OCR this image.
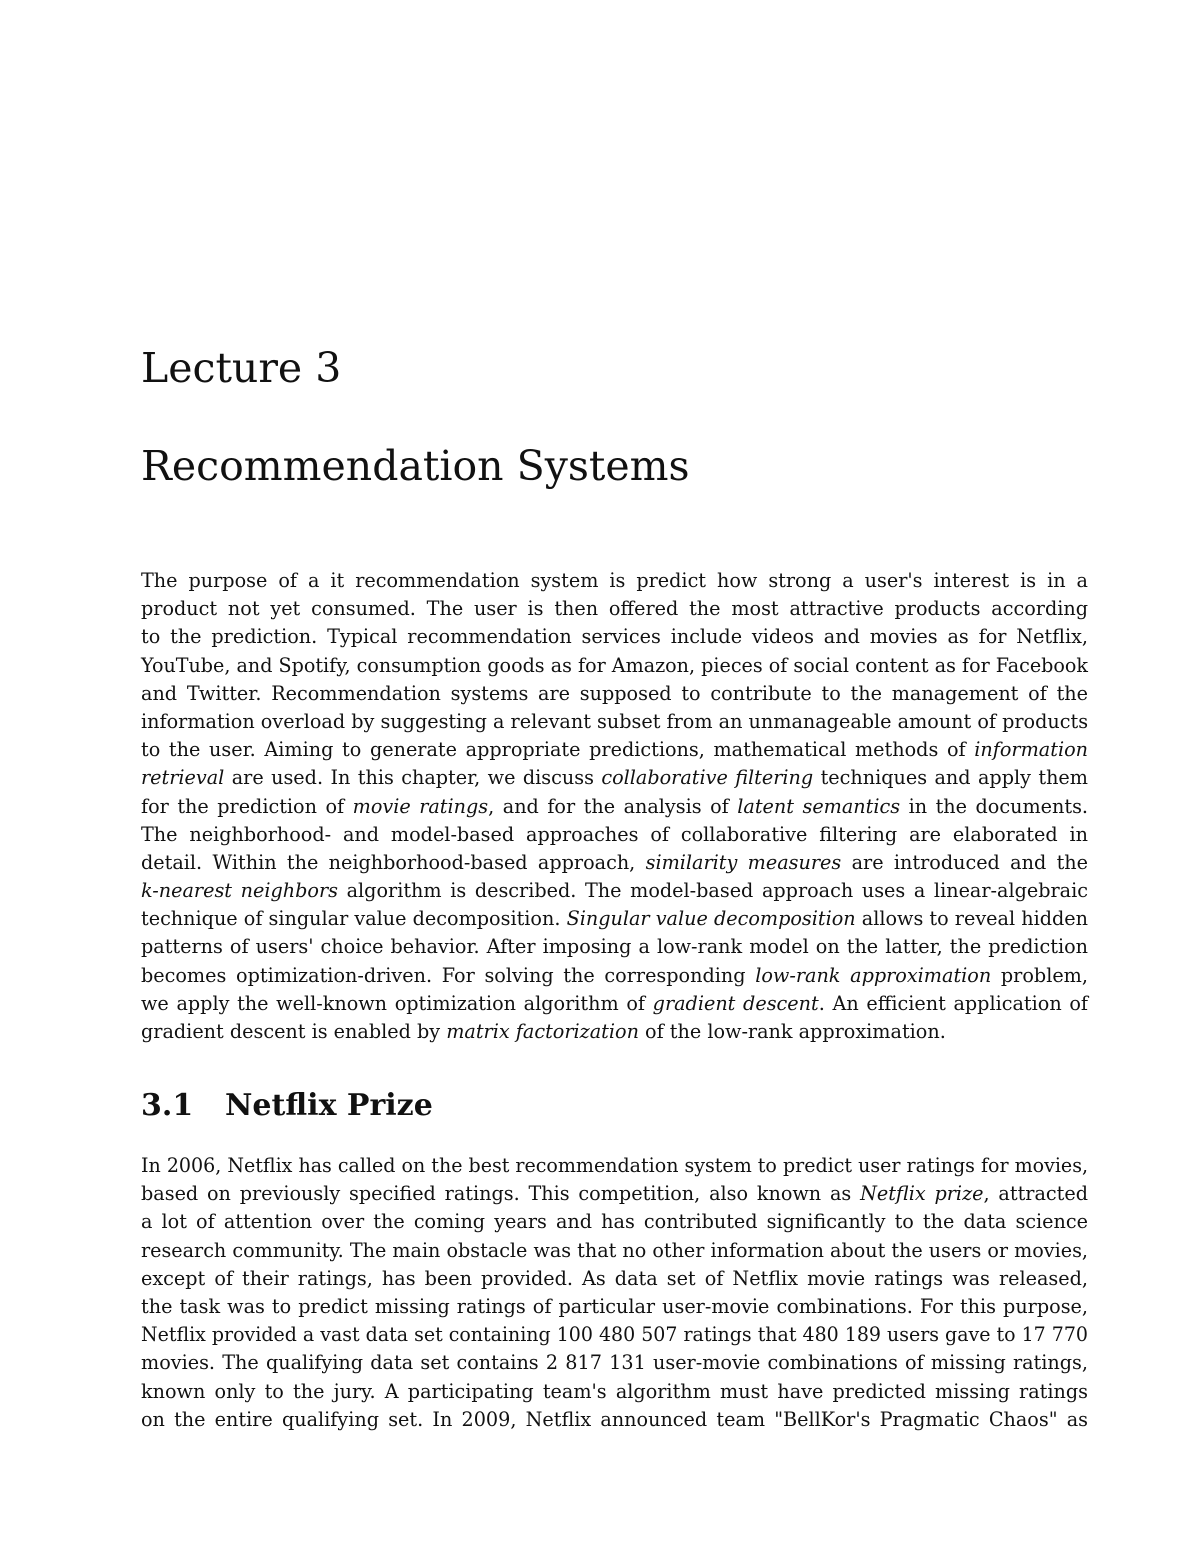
Lecture 3
Recommendation Systems
The purpose of a it recommendation system is predict how strong a user's interest is in a
product not yet consumed. The user is then offered the most attractive products according
to the prediction. Typical recommendation services include videos and movies as for Netflix,
YouTube, and Spotify, consumption goods as for Amazon, pieces of social content as for Facebook
and Twitter. Recommendation systems are supposed to contribute to the management of the
information overload by suggesting a relevant subset from an unmanageable amount of products
to the user. Aiming to generate appropriate predictions, mathematical methods of information
retrieval are used. In this chapter, we discuss collaborative filtering techniques and apply them
for the prediction of movie ratings, and for the analysis of latent semantics in the documents.
The neighborhood- and model-based approaches of collaborative filtering are elaborated in
detail. Within the neighborhood-based approach, similarity measures are introduced and the
k-nearest neighbors algorithm is described. The model-based approach uses a linear-algebraic
technique of singular value decomposition. Singular value decomposition allows to reveal hidden
patterns of users' choice behavior. After imposing a low-rank model on the latter, the prediction
becomes optimization-driven. For solving the corresponding low-rank approximation problem,
we apply the well-known optimization algorithm of gradient descent. An efficient application of
gradient descent is enabled by matrix factorization of the low-rank approximation.
3.1 Netflix Prize
In 2006, Netflix has called on the best recommendation system to predict user ratings for movies,
based on previously specified ratings. This competition, also known as Netflix prize, attracted
a lot of attention over the coming years and has contributed significantly to the data science
research community. The main obstacle was that no other information about the users or movies,
except of their ratings, has been provided. As data set of Netflix movie ratings was released,
the task was to predict missing ratings of particular user-movie combinations. For this purpose,
Netflix provided a vast data set containing 100 480 507 ratings that 480 189 users gave to 17 770
movies. The qualifying data set contains 2 817 131 user-movie combinations of missing ratings,
known only to the jury. A participating team's algorithm must have predicted missing ratings
on the entire qualifying set. In 2009, Netflix announced team "BellKor's Pragmatic Chaos" as
